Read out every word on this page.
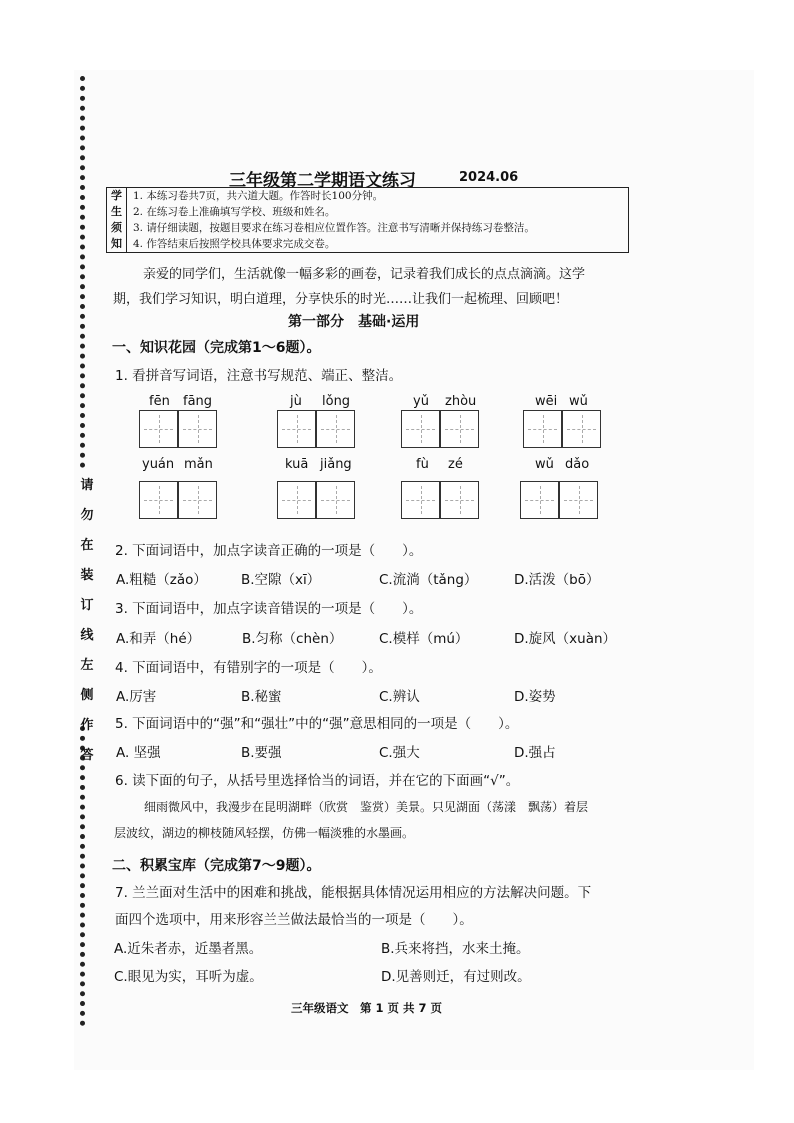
请
勿
在
装
订
线
左
侧
作
答
三年级第二学期语文练习	2024.06
学
生
须
知
1. 本练习卷共7页，共六道大题。作答时长100分钟。
2. 在练习卷上准确填写学校、班级和姓名。
3. 请仔细读题，按题目要求在练习卷相应位置作答。注意书写清晰并保持练习卷整洁。
4. 作答结束后按照学校具体要求完成交卷。
亲爱的同学们，生活就像一幅多彩的画卷，记录着我们成长的点点滴滴。这学
期，我们学习知识，明白道理，分享快乐的时光……让我们一起梳理、回顾吧！
第一部分　基础·运用
一、知识花园（完成第1～6题）。
1. 看拼音写词语，注意书写规范、端正、整洁。
fēn fāng	jù lǒng	yǔ zhòu	wēi wǔ
yuán mǎn	kuā jiǎng	fù zé	wǔ dǎo
2. 下面词语中，加点字读音正确的一项是（　　）。
A.粗糙（zǎo）	B.空隙（xī）	C.流淌（tǎng）	D.活泼（bō）
3. 下面词语中，加点字读音错误的一项是（　　）。
A.和弄（hé）	B.匀称（chèn）	C.模样（mú）	D.旋风（xuàn）
4. 下面词语中，有错别字的一项是（　　）。
A.厉害	B.秘蜜	C.辨认	D.姿势
5. 下面词语中的“强”和“强壮”中的“强”意思相同的一项是（　　）。
A. 坚强	B.要强	C.强大	D.强占
6. 读下面的句子，从括号里选择恰当的词语，并在它的下面画“√”。
细雨微风中，我漫步在昆明湖畔（欣赏　鉴赏）美景。只见湖面（荡漾　飘荡）着层
层波纹，湖边的柳枝随风轻摆，仿佛一幅淡雅的水墨画。
二、积累宝库（完成第7～9题）。
7. 兰兰面对生活中的困难和挑战，能根据具体情况运用相应的方法解决问题。下
面四个选项中，用来形容兰兰做法最恰当的一项是（　　）。
A.近朱者赤，近墨者黑。	B.兵来将挡，水来土掩。
C.眼见为实，耳听为虚。	D.见善则迁，有过则改。
三年级语文　第 1 页 共 7 页
